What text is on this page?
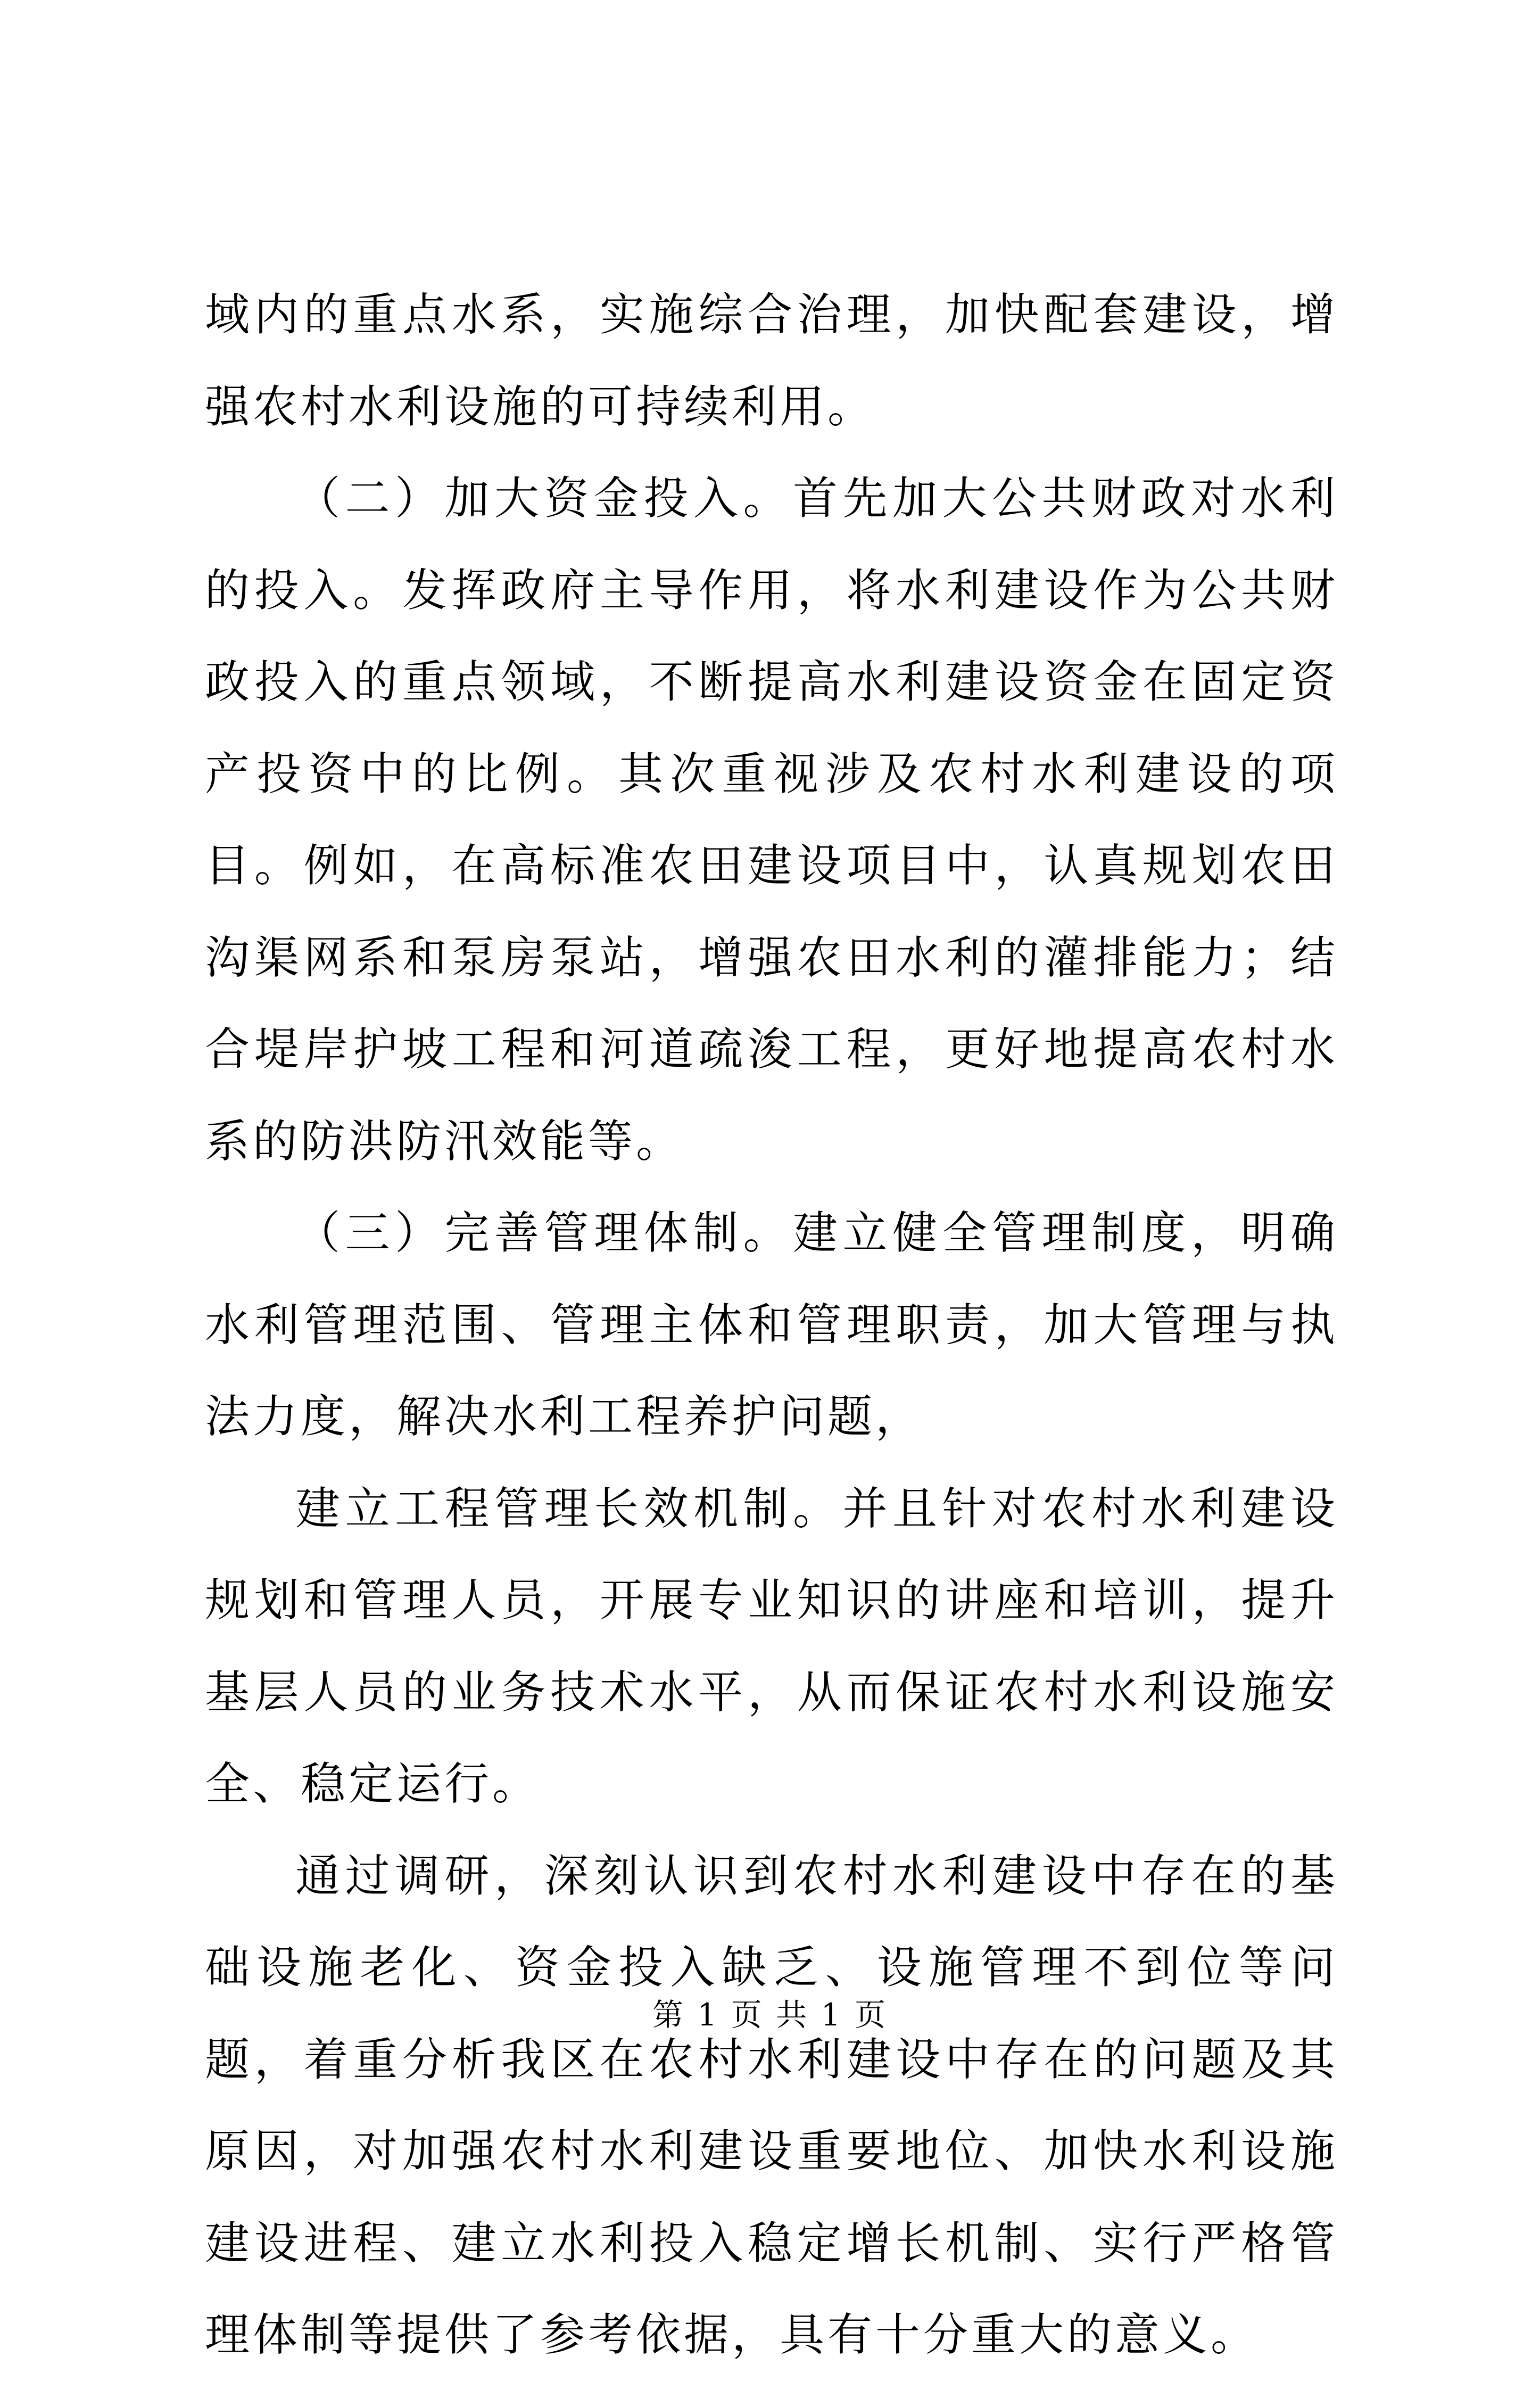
域内的重点水系，实施综合治理，加快配套建设，增强农村水利设施的可持续利用。

（二）加大资金投入。首先加大公共财政对水利的投入。发挥政府主导作用，将水利建设作为公共财政投入的重点领域，不断提高水利建设资金在固定资产投资中的比例。其次重视涉及农村水利建设的项目。例如，在高标准农田建设项目中，认真规划农田沟渠网系和泵房泵站，增强农田水利的灌排能力；结合堤岸护坡工程和河道疏浚工程，更好地提高农村水系的防洪防汛效能等。

（三）完善管理体制。建立健全管理制度，明确水利管理范围、管理主体和管理职责，加大管理与执法力度，解决水利工程养护问题，

建立工程管理长效机制。并且针对农村水利建设规划和管理人员，开展专业知识的讲座和培训，提升基层人员的业务技术水平，从而保证农村水利设施安全、稳定运行。

通过调研，深刻认识到农村水利建设中存在的基础设施老化、资金投入缺乏、设施管理不到位等问题，着重分析我区在农村水利建设中存在的问题及其原因，对加强农村水利建设重要地位、加快水利设施建设进程、建立水利投入稳定增长机制、实行严格管理体制等提供了参考依据，具有十分重大的意义。

第 1 页 共 1 页
